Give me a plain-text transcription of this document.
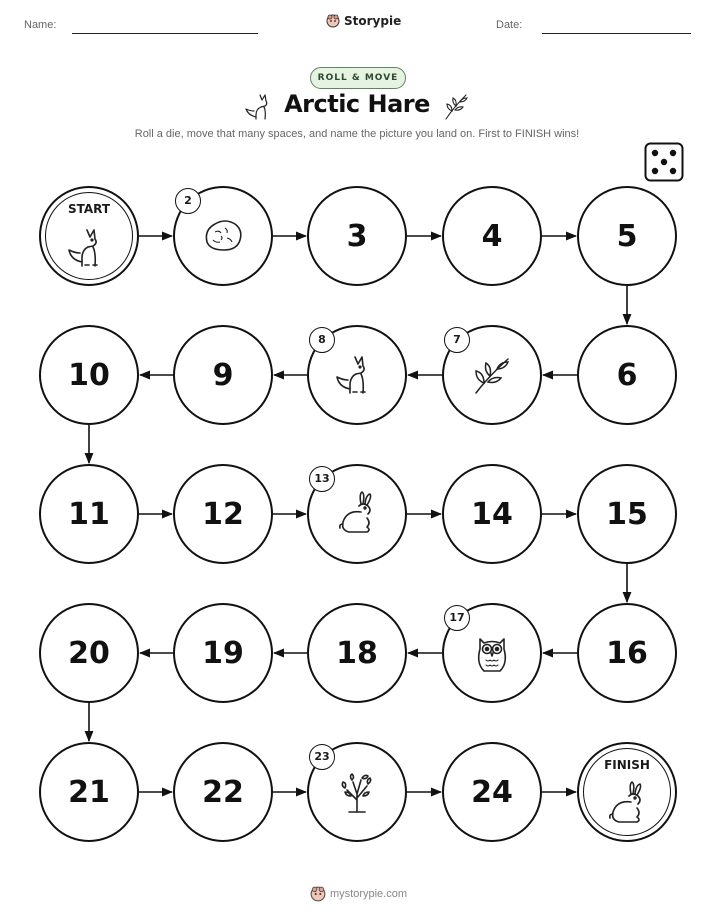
Name:	Storypie	Date:
ROLL & MOVE
Arctic Hare
Roll a die, move that many spaces, and name the picture you land on. First to FINISH wins!
START
2
3	4	5
6
7
8
9
10
11	12
13
14	15
16
17
18
19
20
21	22
23
24
FINISH
mystorypie.com
